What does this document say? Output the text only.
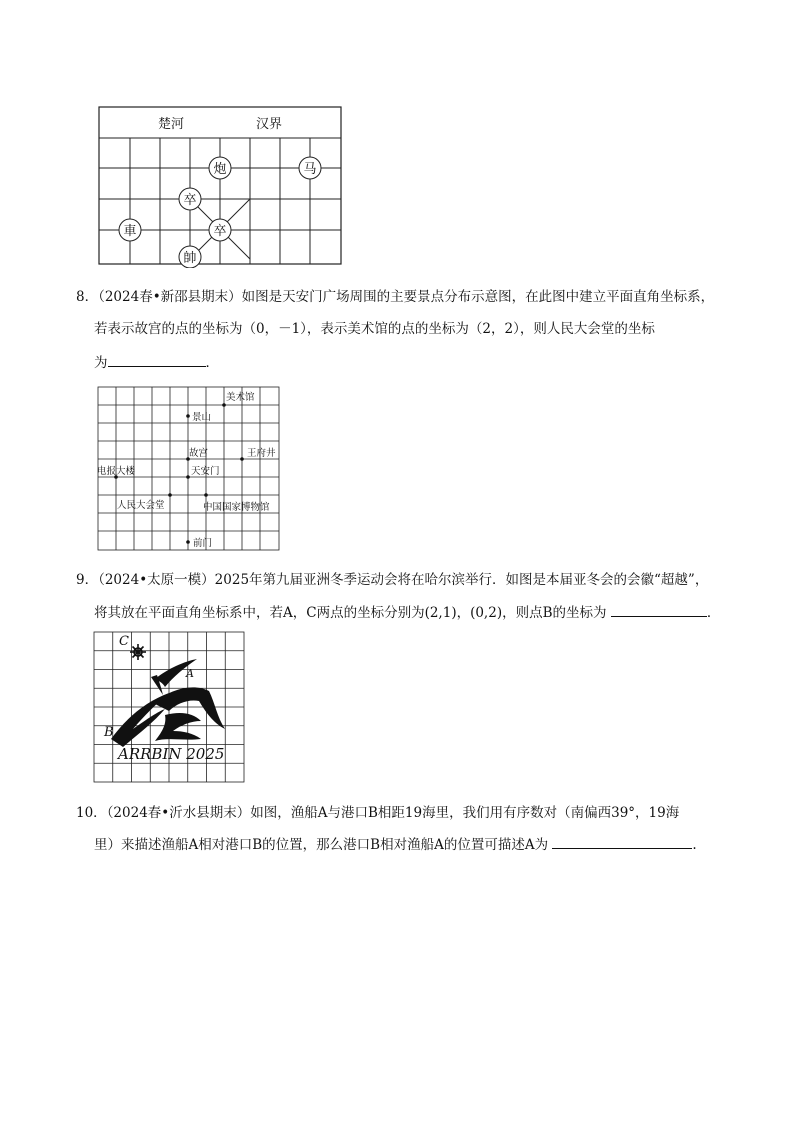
楚河	汉界
炮	马
卒
車	卒
帥
8．（2024春•新邵县期末）如图是天安门广场周围的主要景点分布示意图，在此图中建立平面直角坐标系，
若表示故宫的点的坐标为（0，－1），表示美术馆的点的坐标为（2，2），则人民大会堂的坐标
为	．
美术馆
景山
故宫	王府井
电报大楼	天安门
人民大会堂	中国国家博物馆
前门
9．（2024•太原一模）2025年第九届亚洲冬季运动会将在哈尔滨举行．如图是本届亚冬会的会徽“超越”，
将其放在平面直角坐标系中，若A，C两点的坐标分别为(2,1)，(0,2)，则点B的坐标为	．
C
A
B
ARRBIN 2025
10．（2024春•沂水县期末）如图，渔船A与港口B相距19海里，我们用有序数对（南偏西39°，19海
里）来描述渔船A相对港口B的位置，那么港口B相对渔船A的位置可描述A为	.
